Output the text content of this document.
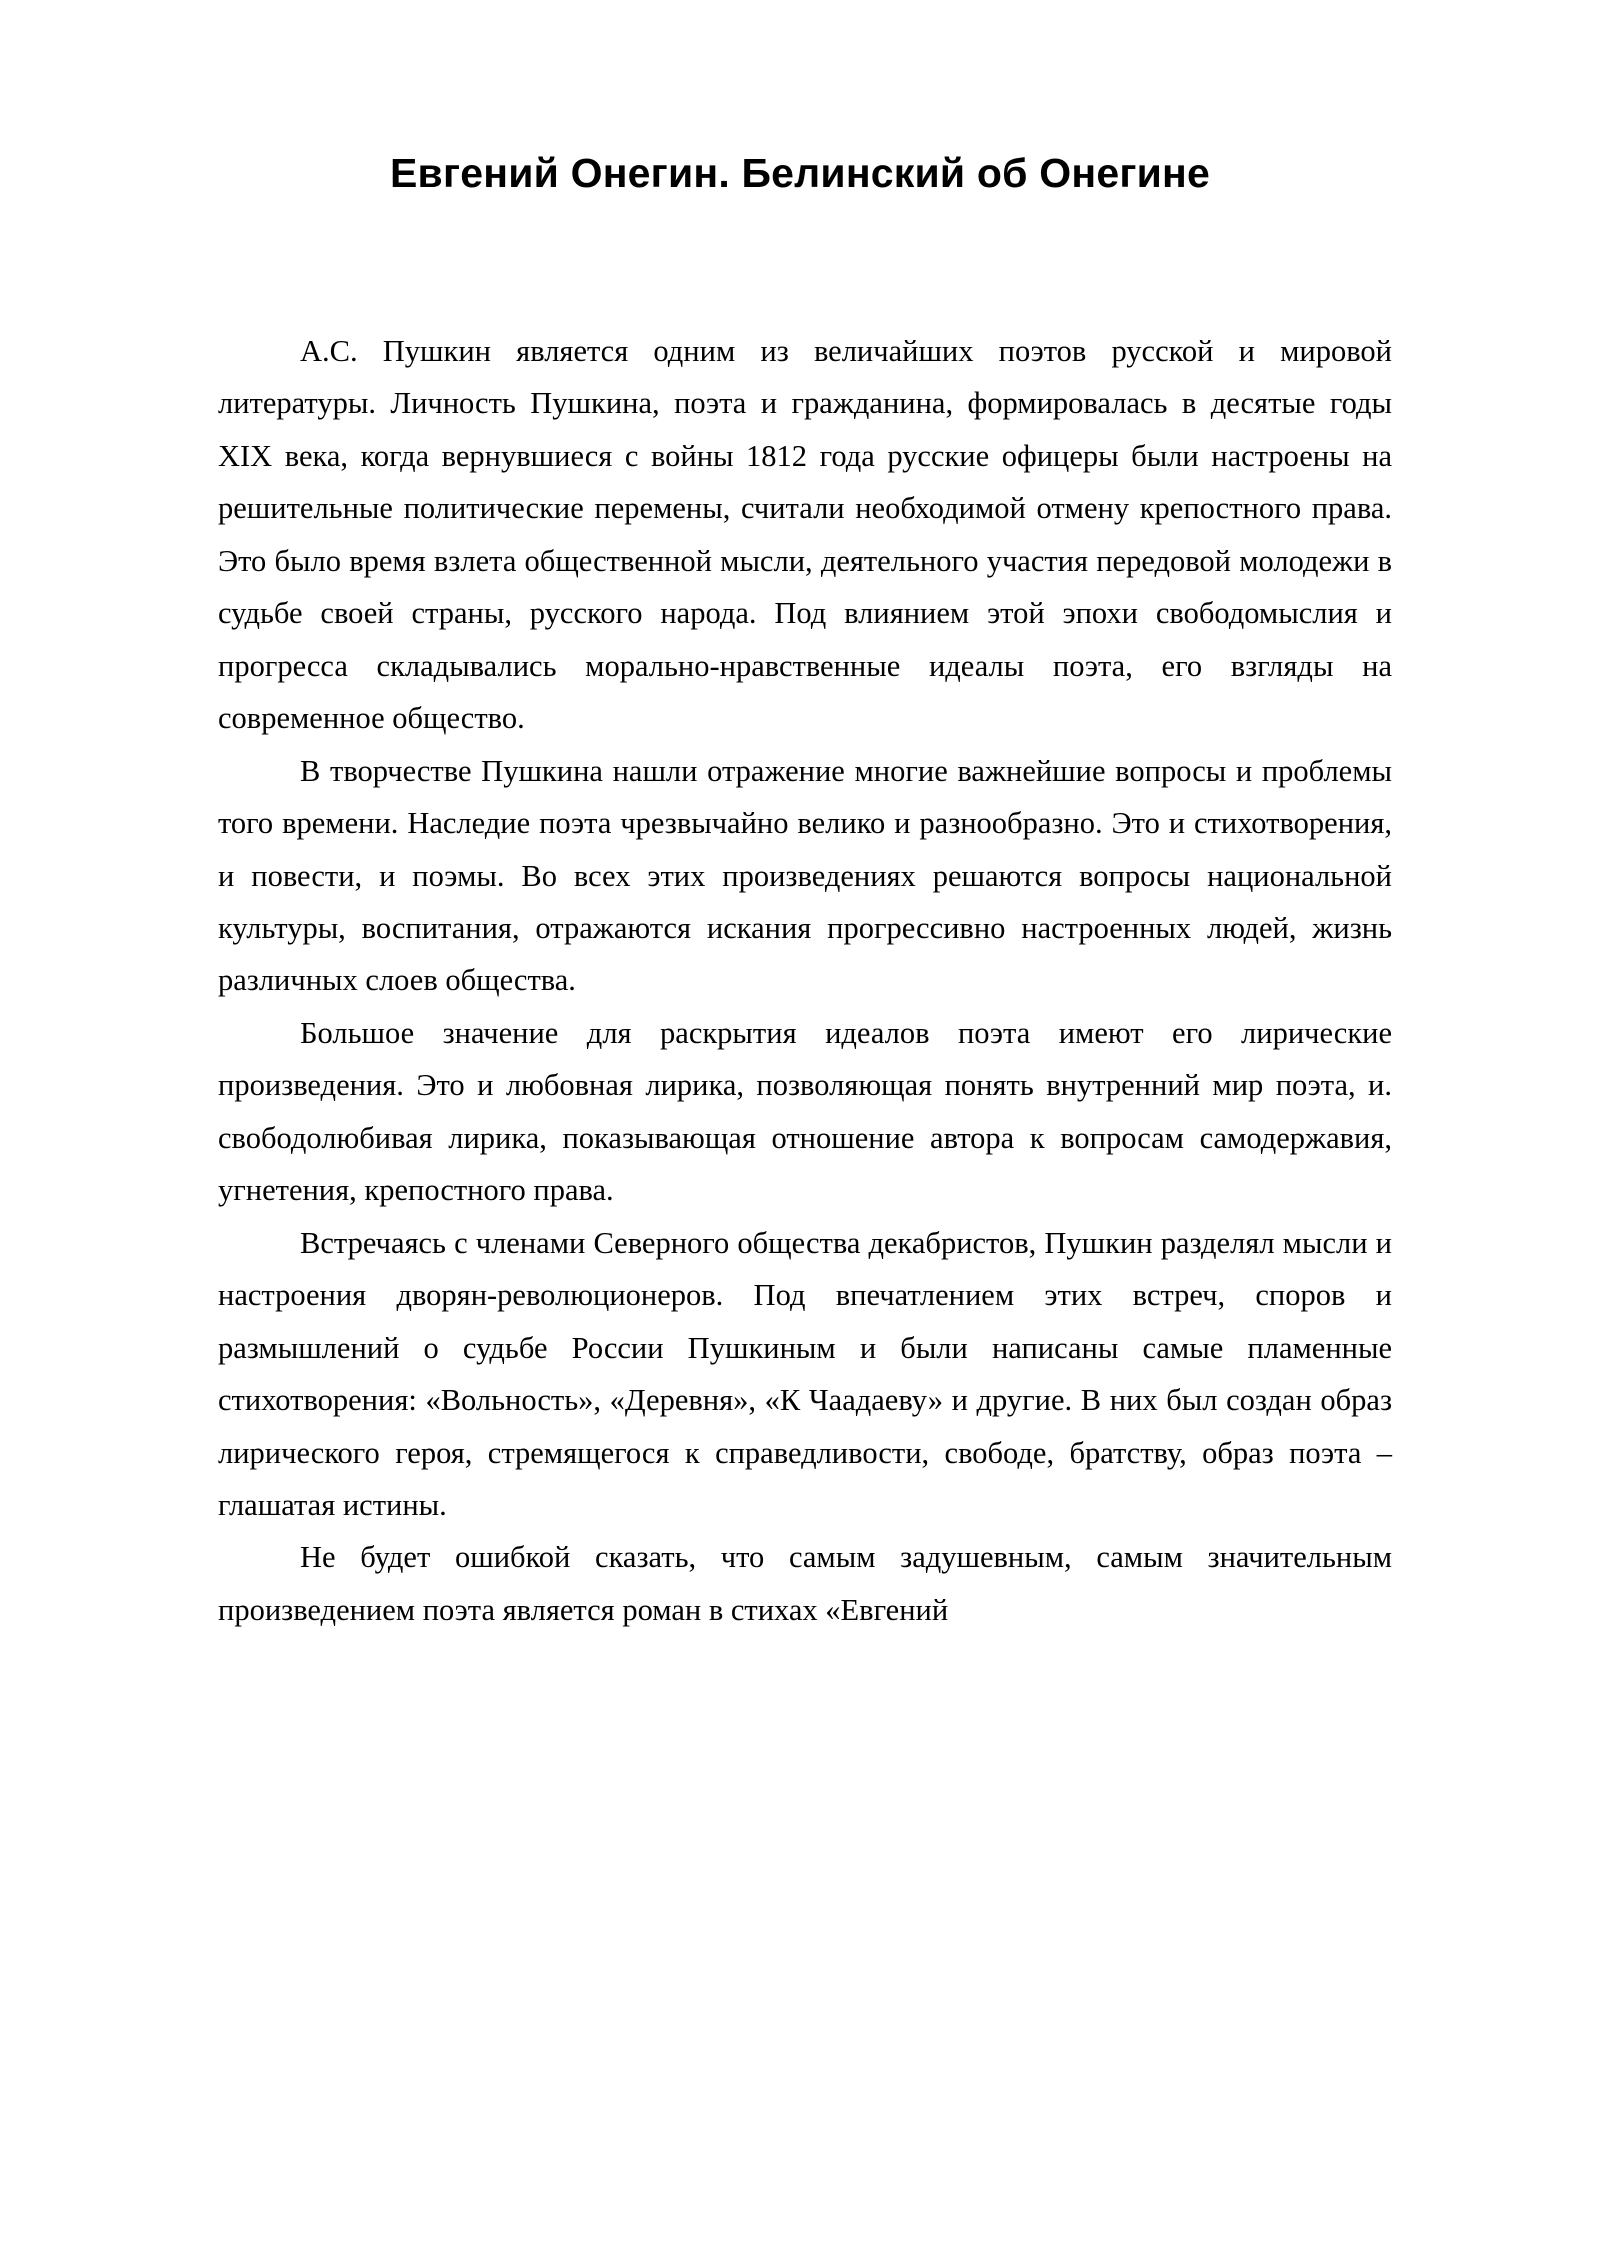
Евгений Онегин. Белинский об Онегине

А.С. Пушкин является одним из величайших поэтов русской и мировой литературы. Личность Пушкина, поэта и гражданина, формировалась в десятые годы XIX века, когда вернувшиеся с войны 1812 года русские офицеры были настроены на решительные политические перемены, считали необходимой отмену крепостного права. Это было время взлета общественной мысли, деятельного участия передовой молодежи в судьбе своей страны, русского народа. Под влиянием этой эпохи свободомыслия и прогресса складывались морально-нравственные идеалы поэта, его взгляды на современное общество.

В творчестве Пушкина нашли отражение многие важнейшие вопросы и проблемы того времени. Наследие поэта чрезвычайно велико и разнообразно. Это и стихотворения, и повести, и поэмы. Во всех этих произведениях решаются вопросы национальной культуры, воспитания, отражаются искания прогрессивно настроенных людей, жизнь различных слоев общества.

Большое значение для раскрытия идеалов поэта имеют его лирические произведения. Это и любовная лирика, позволяющая понять внутренний мир поэта, и. свободолюбивая лирика, показывающая отношение автора к вопросам самодержавия, угнетения, крепостного права.

Встречаясь с членами Северного общества декабристов, Пушкин разделял мысли и настроения дворян-революционеров. Под впечатлением этих встреч, споров и размышлений о судьбе России Пушкиным и были написаны самые пламенные стихотворения: «Вольность», «Деревня», «К Чаадаеву» и другие. В них был создан образ лирического героя, стремящегося к справедливости, свободе, братству, образ поэта – глашатая истины.

Не будет ошибкой сказать, что самым задушевным, самым значительным произведением поэта является роман в стихах «Евгений
